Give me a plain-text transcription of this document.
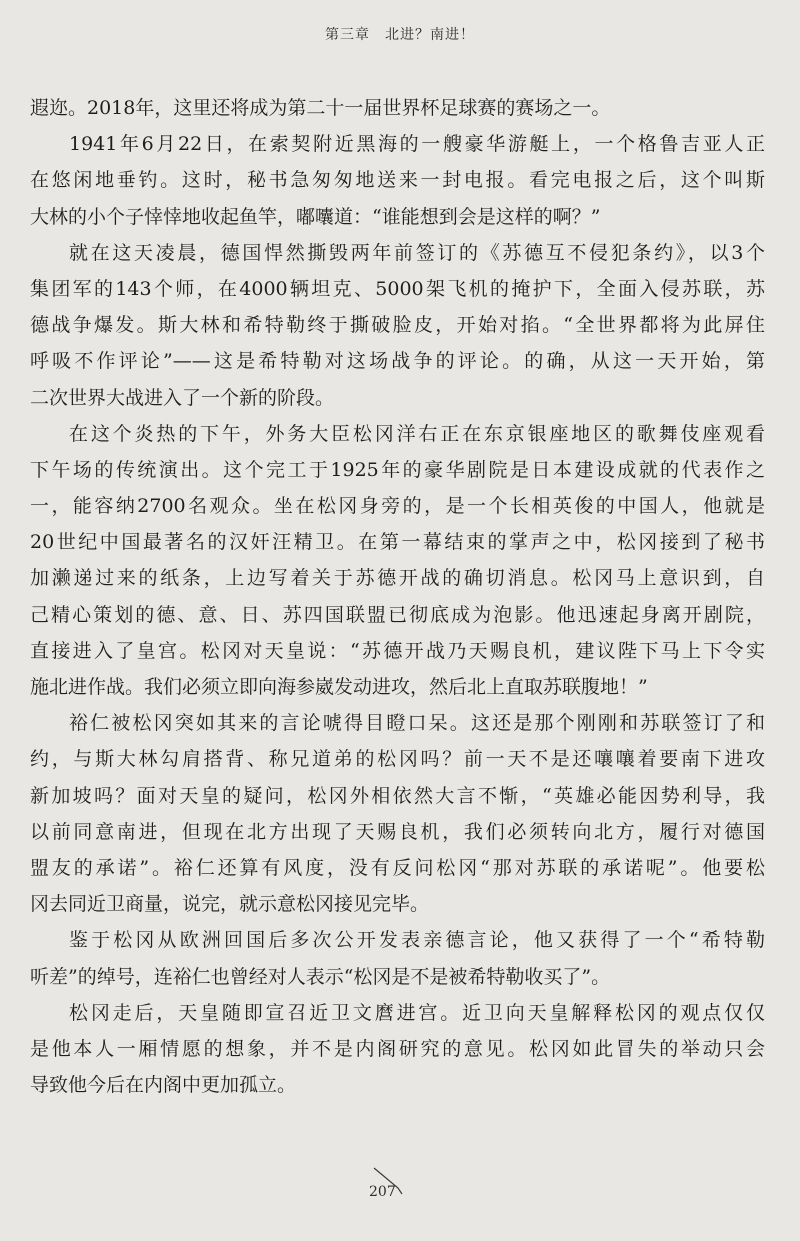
第三章　北进？南进！
遐迩。2018年，这里还将成为第二十一届世界杯足球赛的赛场之一。
1941年6月22日，在索契附近黑海的一艘豪华游艇上，一个格鲁吉亚人正
在悠闲地垂钓。这时，秘书急匆匆地送来一封电报。看完电报之后，这个叫斯
大林的小个子悻悻地收起鱼竿，嘟囔道：“谁能想到会是这样的啊？”
就在这天凌晨，德国悍然撕毁两年前签订的《苏德互不侵犯条约》，以3个
集团军的143个师，在4000辆坦克、5000架飞机的掩护下，全面入侵苏联，苏
德战争爆发。斯大林和希特勒终于撕破脸皮，开始对掐。“全世界都将为此屏住
呼吸不作评论”——这是希特勒对这场战争的评论。的确，从这一天开始，第
二次世界大战进入了一个新的阶段。
在这个炎热的下午，外务大臣松冈洋右正在东京银座地区的歌舞伎座观看
下午场的传统演出。这个完工于1925年的豪华剧院是日本建设成就的代表作之
一，能容纳2700名观众。坐在松冈身旁的，是一个长相英俊的中国人，他就是
20世纪中国最著名的汉奸汪精卫。在第一幕结束的掌声之中，松冈接到了秘书
加濑递过来的纸条，上边写着关于苏德开战的确切消息。松冈马上意识到，自
己精心策划的德、意、日、苏四国联盟已彻底成为泡影。他迅速起身离开剧院，
直接进入了皇宫。松冈对天皇说：“苏德开战乃天赐良机，建议陛下马上下令实
施北进作战。我们必须立即向海参崴发动进攻，然后北上直取苏联腹地！”
裕仁被松冈突如其来的言论唬得目瞪口呆。这还是那个刚刚和苏联签订了和
约，与斯大林勾肩搭背、称兄道弟的松冈吗？前一天不是还嚷嚷着要南下进攻
新加坡吗？面对天皇的疑问，松冈外相依然大言不惭，“英雄必能因势利导，我
以前同意南进，但现在北方出现了天赐良机，我们必须转向北方，履行对德国
盟友的承诺”。裕仁还算有风度，没有反问松冈“那对苏联的承诺呢”。他要松
冈去同近卫商量，说完，就示意松冈接见完毕。
鉴于松冈从欧洲回国后多次公开发表亲德言论，他又获得了一个“希特勒
听差”的绰号，连裕仁也曾经对人表示“松冈是不是被希特勒收买了”。
松冈走后，天皇随即宣召近卫文麿进宫。近卫向天皇解释松冈的观点仅仅
是他本人一厢情愿的想象，并不是内阁研究的意见。松冈如此冒失的举动只会
导致他今后在内阁中更加孤立。
207
